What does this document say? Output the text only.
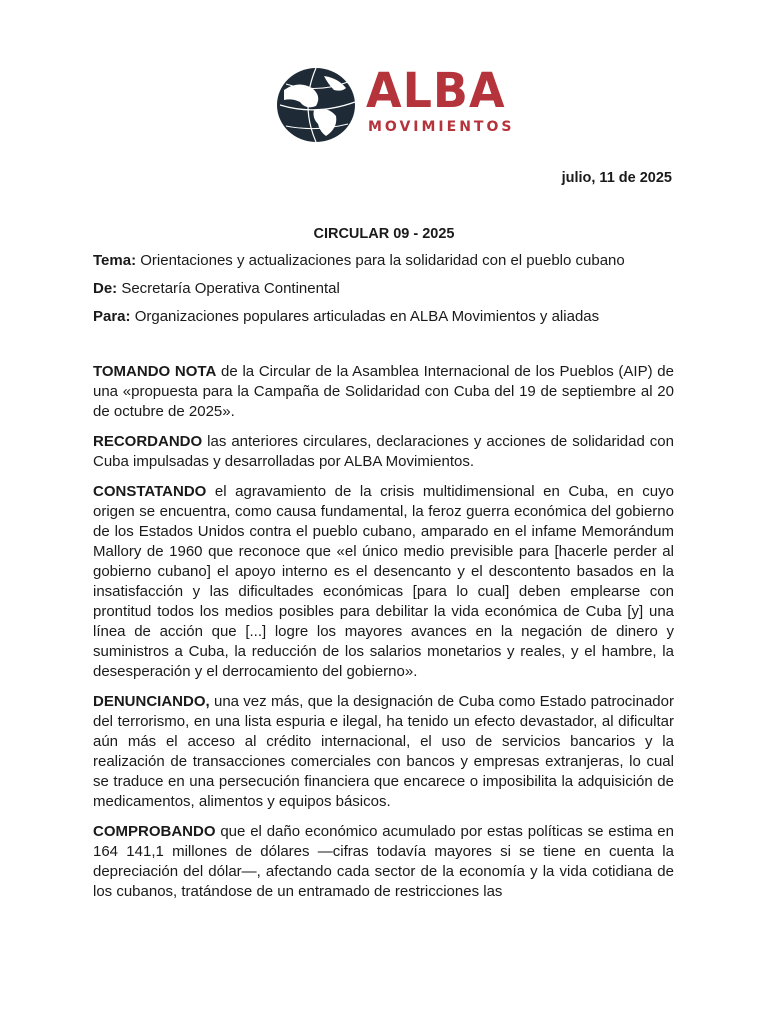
ALBA
MOVIMIENTOS
julio, 11 de 2025
CIRCULAR 09 - 2025
Tema: Orientaciones y actualizaciones para la solidaridad con el pueblo cubano
De: Secretaría Operativa Continental
Para: Organizaciones populares articuladas en ALBA Movimientos y aliadas

TOMANDO NOTA de la Circular de la Asamblea Internacional de los Pueblos (AIP) de una «propuesta para la Campaña de Solidaridad con Cuba del 19 de septiembre al 20 de octubre de 2025».

RECORDANDO las anteriores circulares, declaraciones y acciones de solidaridad con Cuba impulsadas y desarrolladas por ALBA Movimientos.

CONSTATANDO el agravamiento de la crisis multidimensional en Cuba, en cuyo origen se encuentra, como causa fundamental, la feroz guerra económica del gobierno de los Estados Unidos contra el pueblo cubano, amparado en el infame Memorándum Mallory de 1960 que reconoce que «el único medio previsible para [hacerle perder al gobierno cubano] el apoyo interno es el desencanto y el descontento basados en la insatisfacción y las dificultades económicas [para lo cual] deben emplearse con prontitud todos los medios posibles para debilitar la vida económica de Cuba [y] una línea de acción que [...] logre los mayores avances en la negación de dinero y suministros a Cuba, la reducción de los salarios monetarios y reales, y el hambre, la desesperación y el derrocamiento del gobierno».

DENUNCIANDO, una vez más, que la designación de Cuba como Estado patrocinador del terrorismo, en una lista espuria e ilegal, ha tenido un efecto devastador, al dificultar aún más el acceso al crédito internacional, el uso de servicios bancarios y la realización de transacciones comerciales con bancos y empresas extranjeras, lo cual se traduce en una persecución financiera que encarece o imposibilita la adquisición de medicamentos, alimentos y equipos básicos.

COMPROBANDO que el daño económico acumulado por estas políticas se estima en 164 141,1 millones de dólares —cifras todavía mayores si se tiene en cuenta la depreciación del dólar—, afectando cada sector de la economía y la vida cotidiana de los cubanos, tratándose de un entramado de restricciones las
